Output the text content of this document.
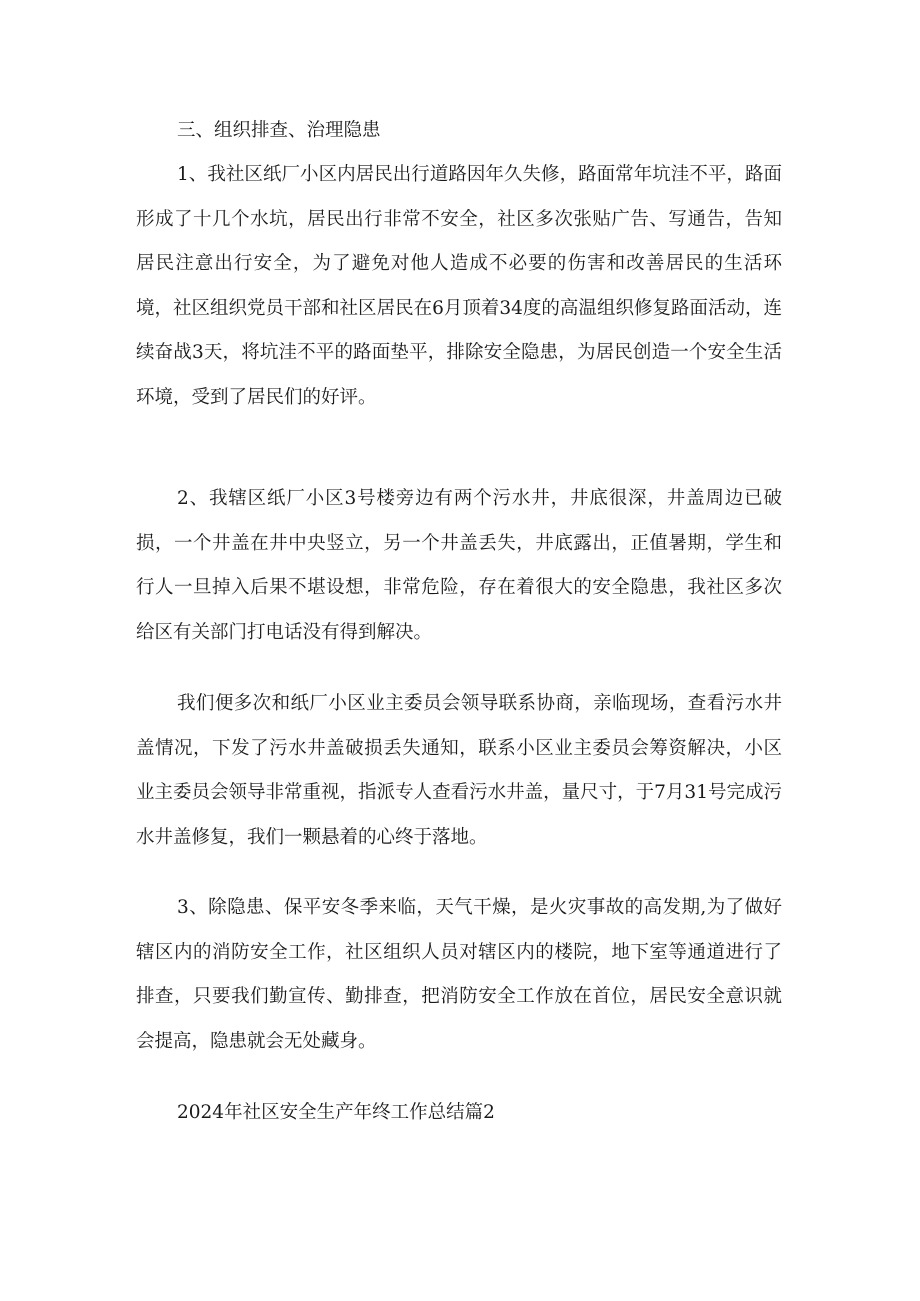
三、组织排查、治理隐患

1、我社区纸厂小区内居民出行道路因年久失修，路面常年坑洼不平，路面形成了十几个水坑，居民出行非常不安全，社区多次张贴广告、写通告，告知居民注意出行安全，为了避免对他人造成不必要的伤害和改善居民的生活环境，社区组织党员干部和社区居民在6月顶着34度的高温组织修复路面活动，连续奋战3天，将坑洼不平的路面垫平，排除安全隐患，为居民创造一个安全生活环境，受到了居民们的好评。

2、我辖区纸厂小区3号楼旁边有两个污水井，井底很深，井盖周边已破损，一个井盖在井中央竖立，另一个井盖丢失，井底露出，正值暑期，学生和行人一旦掉入后果不堪设想，非常危险，存在着很大的安全隐患，我社区多次给区有关部门打电话没有得到解决。

我们便多次和纸厂小区业主委员会领导联系协商，亲临现场，查看污水井盖情况，下发了污水井盖破损丢失通知，联系小区业主委员会筹资解决，小区业主委员会领导非常重视，指派专人查看污水井盖，量尺寸，于7月31号完成污水井盖修复，我们一颗悬着的心终于落地。

3、除隐患、保平安冬季来临，天气干燥，是火灾事故的高发期,为了做好辖区内的消防安全工作，社区组织人员对辖区内的楼院，地下室等通道进行了排查，只要我们勤宣传、勤排查，把消防安全工作放在首位，居民安全意识就会提高，隐患就会无处藏身。

2024年社区安全生产年终工作总结篇2
